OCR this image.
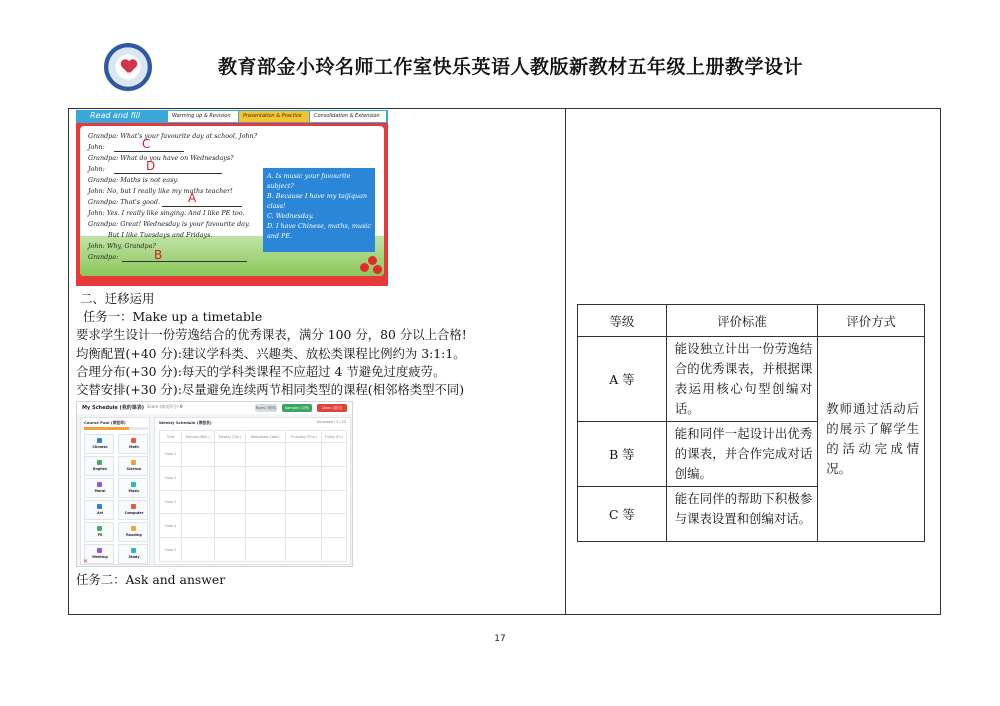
教育部金小玲名师工作室快乐英语人教版新教材五年级上册教学设计
Read and fill	Warming up & Revision	Presentation & Practice	Consolidation & Extension
Grandpa: What's your favourite day at school, John?
John:	C
Grandpa: What do you have on Wednesdays?
John:	D
Grandpa: Maths is not easy.
John: No, but I really like my maths teacher!
Grandpa: That's good. A
John: Yes. I really like singing. And I like PE too.
Grandpa: Great! Wednesday is your favourite day.
But I like Tuesdays and Fridays.
John: Why, Grandpa?
Grandpa:	B
A. Is music your favourite
subject?
B. Because I have my taijiquan
class!
C. Wednesday.
D. I have Chinese, maths, music
and PE.
二、迁移运用
任务一：Make up a timetable
要求学生设计一份劳逸结合的优秀课表，满分 100 分，80 分以上合格!
均衡配置(+40 分):建议学科类、兴趣类、放松类课程比例约为 3:1:1。
合理分布(+30 分):每天的学科类课程不应超过 4 节避免过度疲劳。
交替安排(+30 分):尽量避免连续两节相同类型的课程(相邻格类型不同)
My Schedule (我的课表) Score (课表得分) 0	Rules (规则)	Sample (示例)	Clear (清空)
Course Pool (课程库)
Chinese	Math
English	Science
Moral	Music
Art	Computer
PE	Reading
Meeting	Study
Weekly Schedule (课程表)	Unranked / 0 / 25
Time	Monday (Mon.)	Tuesday (Tue.)	Wednesday (Wed.)	Thursday (Thur.)	Friday (Fri.)
Class 1					
Class 2					
Class 3					
Class 4					
Class 5					
✕
任务二：Ask and answer
等级	评价标准	评价方式
A 等	能设独立计出一份劳逸结合的优秀课表，并根据课表运用核心句型创编对话。	教师通过活动后的展示了解学生的活动完成情况。
B 等	能和同伴一起设计出优秀的课表，并合作完成对话创编。	
C 等	能在同伴的帮助下积极参与课表设置和创编对话。	
17
